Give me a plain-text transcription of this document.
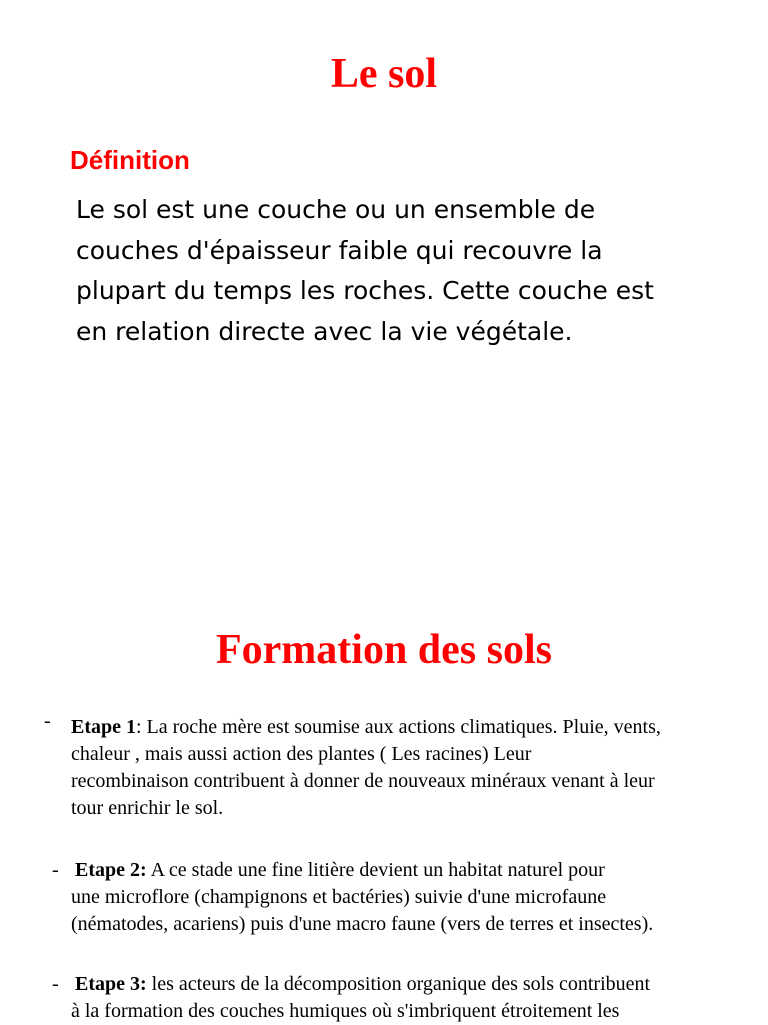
Le sol
Définition
Le sol est une couche ou un ensemble de
couches d'épaisseur faible qui recouvre la
plupart du temps les roches. Cette couche est
en relation directe avec la vie végétale.
Formation des sols
- Etape 1: La roche mère est soumise aux actions climatiques. Pluie, vents,
chaleur , mais aussi action des plantes ( Les racines) Leur
recombinaison contribuent à donner de nouveaux minéraux venant à leur
tour enrichir le sol.
- Etape 2: A ce stade une fine litière devient un habitat naturel pour
une microflore (champignons et bactéries) suivie d'une microfaune
(nématodes, acariens) puis d'une macro faune (vers de terres et insectes).
- Etape 3: les acteurs de la décomposition organique des sols contribuent
à la formation des couches humiques où s'imbriquent étroitement les
